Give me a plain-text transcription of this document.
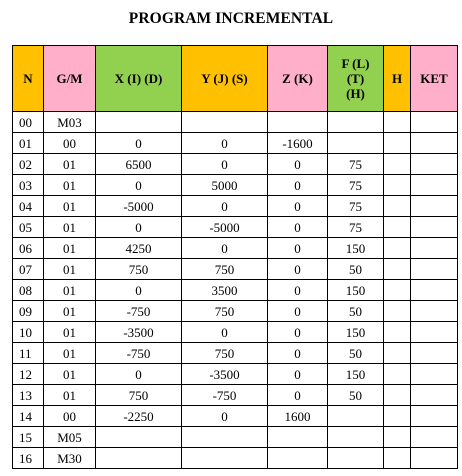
PROGRAM INCREMENTAL
N	G/M	X (I) (D)	Y (J) (S)	Z (K)	F (L)
(T)
(H)	H	KET
00	M03						
01	00	0	0	-1600			
02	01	6500	0	0	75		
03	01	0	5000	0	75		
04	01	-5000	0	0	75		
05	01	0	-5000	0	75		
06	01	4250	0	0	150		
07	01	750	750	0	50		
08	01	0	3500	0	150		
09	01	-750	750	0	50		
10	01	-3500	0	0	150		
11	01	-750	750	0	50		
12	01	0	-3500	0	150		
13	01	750	-750	0	50		
14	00	-2250	0	1600			
15	M05						
16	M30						
